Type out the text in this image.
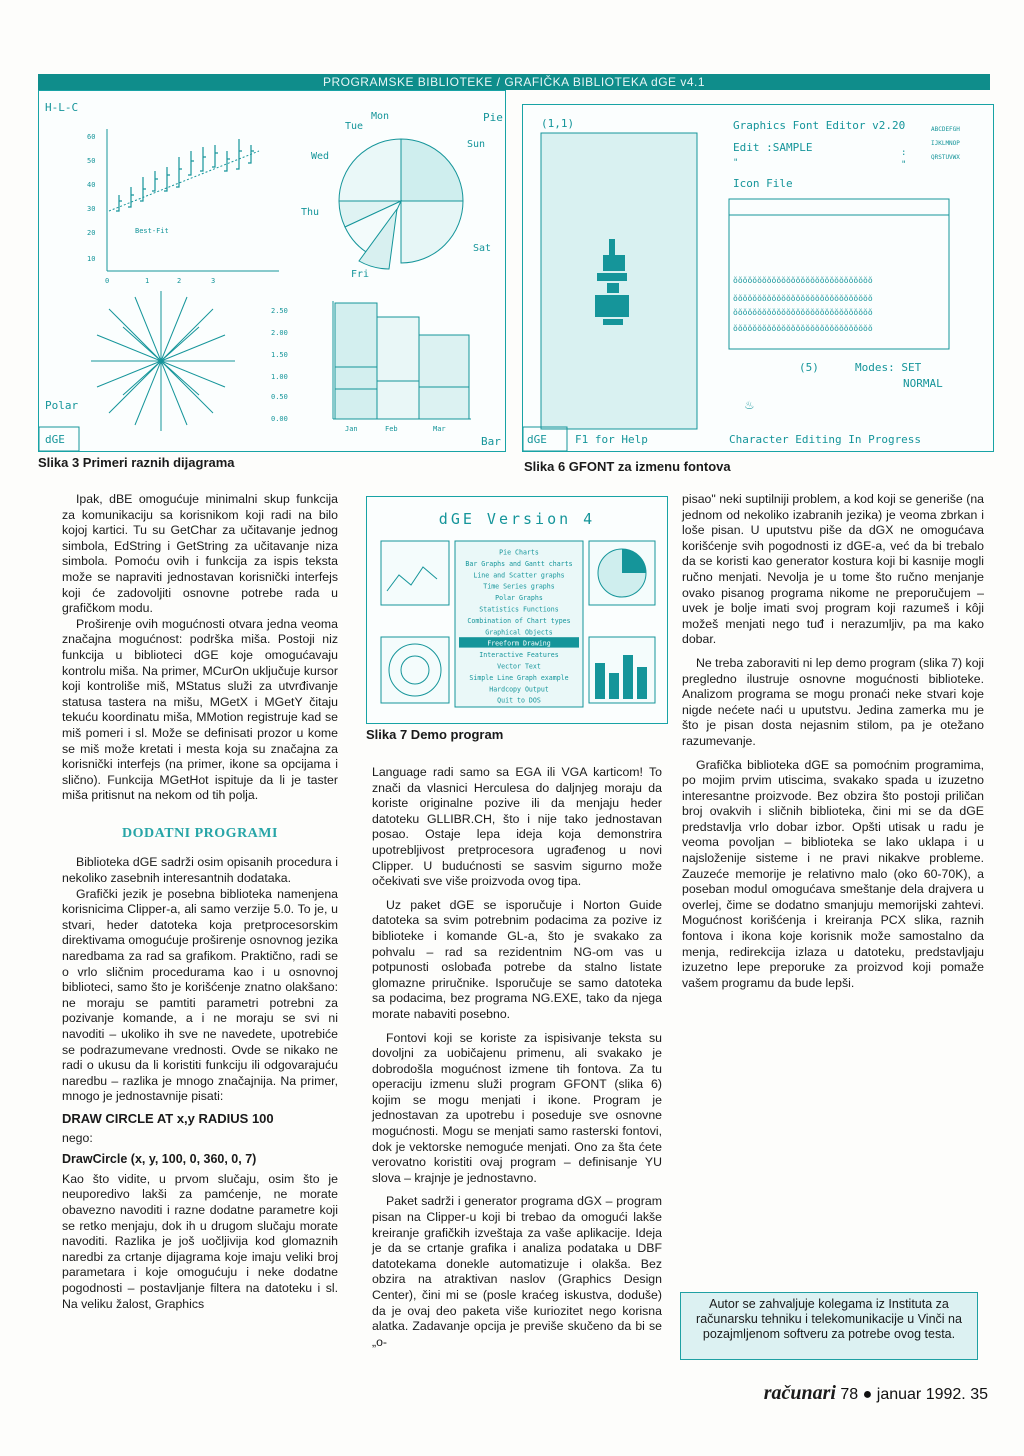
PROGRAMSKE BIBLIOTEKE / GRAFIČKA BIBLIOTEKA dGE v4.1
H-L-C
60
50
40
30
20
10
0	1	2	3
Best-Fit
Mon
Tue
Wed
Thu
Fri
Sat
Sun
Pie
Polar
dGE
2.50
2.00
1.50
1.00
0.50
0.00
Jan	Feb	Mar
Bar
Slika 3 Primeri raznih dijagrama
(1,1)	Graphics Font Editor v2.20
Edit :SAMPLE
"
:
"
ABCDEFGH
IJKLMNOP
QRSTUVWX
Icon File
ŏŏŏŏŏŏŏŏŏŏŏŏŏŏŏŏŏŏŏŏŏŏŏŏŏŏŏŏŏ
ŏŏŏŏŏŏŏŏŏŏŏŏŏŏŏŏŏŏŏŏŏŏŏŏŏŏŏŏŏ
ŏŏŏŏŏŏŏŏŏŏŏŏŏŏŏŏŏŏŏŏŏŏŏŏŏŏŏŏŏ
ŏŏŏŏŏŏŏŏŏŏŏŏŏŏŏŏŏŏŏŏŏŏŏŏŏŏŏŏŏ
♨
(5)	Modes: SET
NORMAL
dGE	F1 for Help	Character Editing In Progress
Slika 6 GFONT za izmenu fontova
dGE Version 4
Pie Charts
Bar Graphs and Gantt charts
Line and Scatter graphs
Time Series graphs
Polar Graphs
Statistics Functions
Combination of Chart types
Graphical Objects
Freeform Drawing
Interactive Features
Vector Text
Simple Line Graph example
Hardcopy Output
Quit to DOS
Slika 7 Demo program

Ipak, dBE omogućuje minimalni skup funkcija za komunikaciju sa korisnikom koji radi na bilo kojoj kartici. Tu su GetChar za učitavanje jednog simbola, EdString i GetString za učitavanje niza simbola. Pomoću ovih i funkcija za ispis teksta može se napraviti jednostavan korisnički interfejs koji će zadovoljiti osnovne potrebe rada u grafičkom modu.

Proširenje ovih mogućnosti otvara jedna veoma značajna mogućnost: podrška miša. Postoji niz funkcija u biblioteci dGE koje omogućavaju kontrolu miša. Na primer, MCurOn uključuje kursor koji kontroliše miš, MStatus služi za utvrđivanje statusa tastera na mišu, MGetX i MGetY čitaju tekuću koordinatu miša, MMotion registruje kad se miš pomeri i sl. Može se definisati prozor u kome se miš može kretati i mesta koja su značajna za korisnički interfejs (na primer, ikone sa opcijama i slično). Funkcija MGetHot ispituje da li je taster miša pritisnut na nekom od tih polja.

DODATNI PROGRAMI

Biblioteka dGE sadrži osim opisanih procedura i nekoliko zasebnih interesantnih dodataka.

Grafički jezik je posebna biblioteka namenjena korisnicima Clipper-a, ali samo verzije 5.0. To je, u stvari, heder datoteka koja pretprocesorskim direktivama omogućuje proširenje osnovnog jezika naredbama za rad sa grafikom. Praktično, radi se o vrlo sličnim procedurama kao i u osnovnoj biblioteci, samo što je korišćenje znatno olakšano: ne moraju se pamtiti parametri potrebni za pozivanje komande, a i ne moraju se svi ni navoditi – ukoliko ih sve ne navedete, upotrebiće se podrazumevane vrednosti. Ovde se nikako ne radi o ukusu da li koristiti funkciju ili odgovarajuću naredbu – razlika je mnogo značajnija. Na primer, mnogo je jednostavnije pisati:

DRAW CIRCLE AT x,y RADIUS 100

nego:

DrawCircle (x, y, 100, 0, 360, 0, 7)

Kao što vidite, u prvom slučaju, osim što je neuporedivo lakši za pamćenje, ne morate obavezno navoditi i razne dodatne parametre koji se retko menjaju, dok ih u drugom slučaju morate navoditi. Razlika je još uočljivija kod glomaznih naredbi za crtanje dijagrama koje imaju veliki broj parametara i koje omogućuju i neke dodatne pogodnosti – postavljanje filtera na datoteku i sl. Na veliku žalost, Graphics

Language radi samo sa EGA ili VGA karticom! To znači da vlasnici Herculesa do daljnjeg moraju da koriste originalne pozive ili da menjaju heder datoteku GLLIBR.CH, što i nije tako jednostavan posao. Ostaje lepa ideja koja demonstrira upotrebljivost pretprocesora ugrađenog u novi Clipper. U budućnosti se sasvim sigurno može očekivati sve više proizvoda ovog tipa.

Uz paket dGE se isporučuje i Norton Guide datoteka sa svim potrebnim podacima za pozive iz biblioteke i komande GL-a, što je svakako za pohvalu – rad sa rezidentnim NG-om vas u potpunosti oslobađa potrebe da stalno listate glomazne priručnike. Isporučuje se samo datoteka sa podacima, bez programa NG.EXE, tako da njega morate nabaviti posebno.

Fontovi koji se koriste za ispisivanje teksta su dovoljni za uobičajenu primenu, ali svakako je dobrodošla mogućnost izmene tih fontova. Za tu operaciju izmenu služi program GFONT (slika 6) kojim se mogu menjati i ikone. Program je jednostavan za upotrebu i poseduje sve osnovne mogućnosti. Mogu se menjati samo rasterski fontovi, dok je vektorske nemoguće menjati. Ono za šta ćete verovatno koristiti ovaj program – definisanje YU slova – krajnje je jednostavno.

Paket sadrži i generator programa dGX – program pisan na Clipper-u koji bi trebao da omogući lakše kreiranje grafičkih izveštaja za vaše aplikacije. Ideja je da se crtanje grafika i analiza podataka u DBF datotekama donekle automatizuje i olakša. Bez obzira na atraktivan naslov (Graphics Design Center), čini mi se (posle kraćeg iskustva, doduše) da je ovaj deo paketa više kuriozitet nego korisna alatka. Zadavanje opcija je previše skučeno da bi se „o-

pisao" neki suptilniji problem, a kod koji se generiše (na jednom od nekoliko izabranih jezika) je veoma zbrkan i loše pisan. U uputstvu piše da dGX ne omogućava korišćenje svih pogodnosti iz dGE-a, već da bi trebalo da se koristi kao generator kostura koji bi kasnije mogli ručno menjati. Nevolja je u tome što ručno menjanje ovako pisanog programa nikome ne preporučujem – uvek je bolje imati svoj program koji razumeš i kôji možeš menjati nego tuđ i nerazumljiv, pa ma kako dobar.

Ne treba zaboraviti ni lep demo program (slika 7) koji pregledno ilustruje osnovne mogućnosti biblioteke. Analizom programa se mogu pronaći neke stvari koje nigde nećete naći u uputstvu. Jedina zamerka mu je što je pisan dosta nejasnim stilom, pa je otežano razumevanje.

Grafička biblioteka dGE sa pomoćnim programima, po mojim prvim utiscima, svakako spada u izuzetno interesantne proizvode. Bez obzira što postoji priličan broj ovakvih i sličnih biblioteka, čini mi se da dGE predstavlja vrlo dobar izbor. Opšti utisak u radu je veoma povoljan – biblioteka se lako uklapa i u najsloženije sisteme i ne pravi nikakve probleme. Zauzeće memorije je relativno malo (oko 60-70K), a poseban modul omogućava smeštanje dela drajvera u overlej, čime se dodatno smanjuju memorijski zahtevi. Mogućnost korišćenja i kreiranja PCX slika, raznih fontova i ikona koje korisnik može samostalno da menja, redirekcija izlaza u datoteku, predstavljaju izuzetno lepe preporuke za proizvod koji pomaže vašem programu da bude lepši.

Autor se zahvaljuje kolegama iz Instituta za računarsku tehniku i telekomunikacije u Vinči na pozajmljenom softveru za potrebe ovog testa.
računari 78 ● januar 1992. 35
